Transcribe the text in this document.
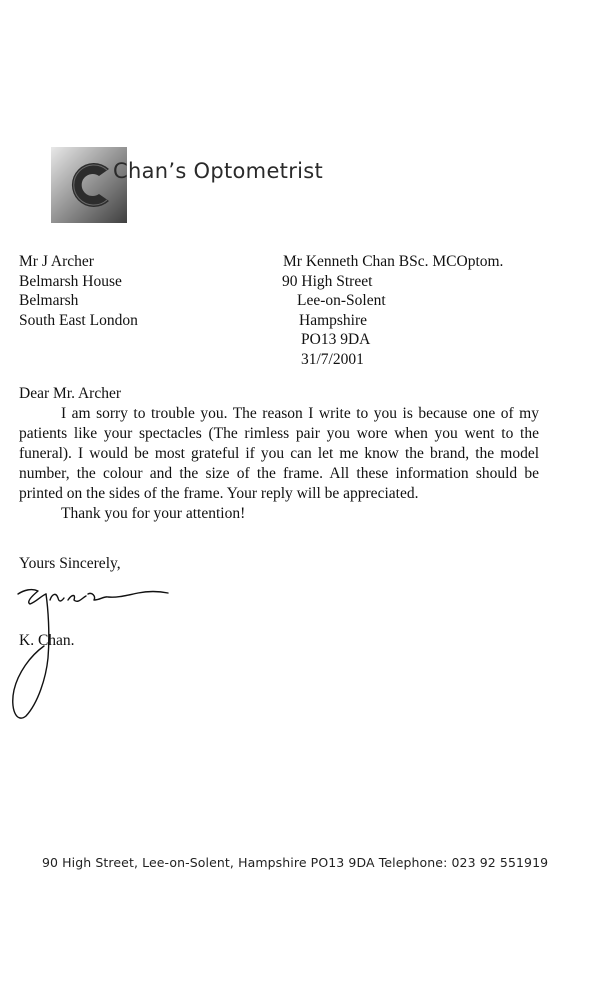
Chan’s Optometrist
Mr J Archer
Belmarsh House
Belmarsh
South East London
Mr Kenneth Chan BSc. MCOptom.
90 High Street
Lee-on-Solent
Hampshire
PO13 9DA
31/7/2001
Dear Mr. Archer

I am sorry to trouble you. The reason I write to you is because one of my patients like your spectacles (The rimless pair you wore when you went to the funeral). I would be most grateful if you can let me know the brand, the model number, the colour and the size of the frame. All these information should be printed on the sides of the frame. Your reply will be appreciated.

Thank you for your attention!

Yours Sincerely,
K. Chan.
90 High Street, Lee-on-Solent, Hampshire PO13 9DA Telephone: 023 92 551919
